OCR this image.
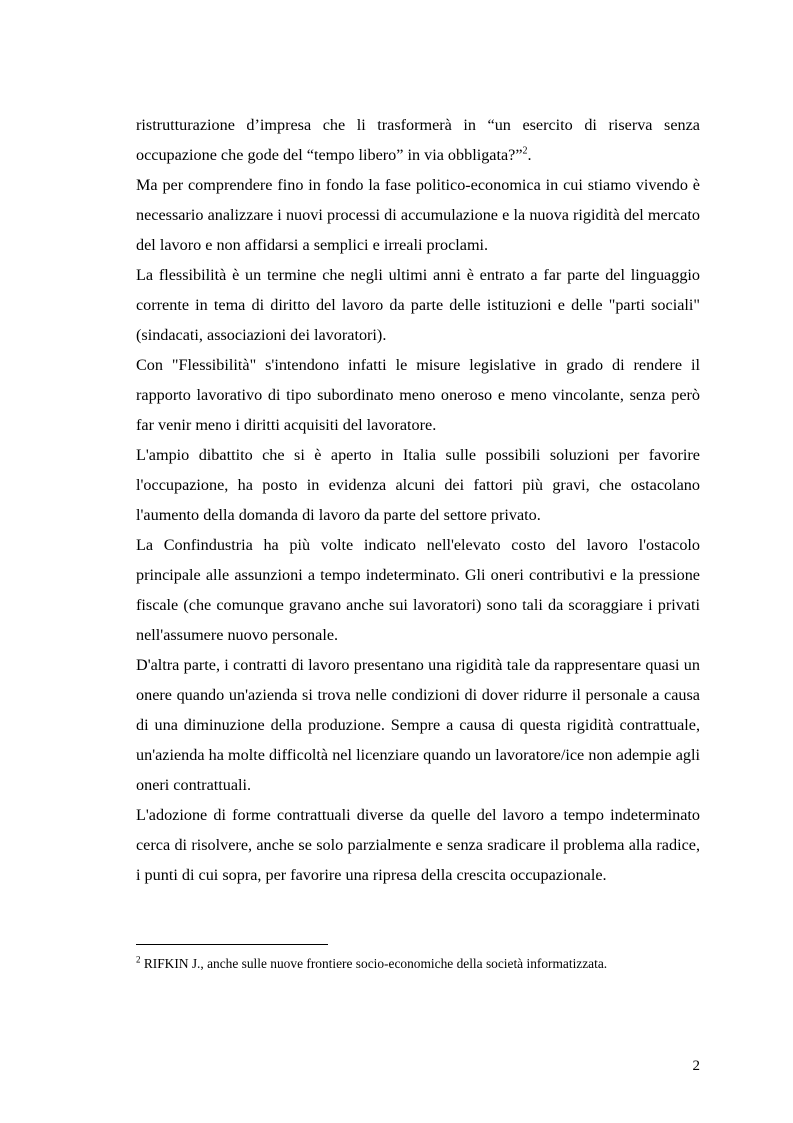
ristrutturazione d’impresa che li trasformerà in “un esercito di riserva senza occupazione che gode del “tempo libero” in via obbligata?”$^2$.

Ma per comprendere fino in fondo la fase politico-economica in cui stiamo vivendo è necessario analizzare i nuovi processi di accumulazione e la nuova rigidità del mercato del lavoro e non affidarsi a semplici e irreali proclami.

La flessibilità è un termine che negli ultimi anni è entrato a far parte del linguaggio corrente in tema di diritto del lavoro da parte delle istituzioni e delle "parti sociali" (sindacati, associazioni dei lavoratori).

Con "Flessibilità" s'intendono infatti le misure legislative in grado di rendere il rapporto lavorativo di tipo subordinato meno oneroso e meno vincolante, senza però far venir meno i diritti acquisiti del lavoratore.

L'ampio dibattito che si è aperto in Italia sulle possibili soluzioni per favorire l'occupazione, ha posto in evidenza alcuni dei fattori più gravi, che ostacolano l'aumento della domanda di lavoro da parte del settore privato.

La Confindustria ha più volte indicato nell'elevato costo del lavoro l'ostacolo principale alle assunzioni a tempo indeterminato. Gli oneri contributivi e la pressione fiscale (che comunque gravano anche sui lavoratori) sono tali da scoraggiare i privati nell'assumere nuovo personale.

D'altra parte, i contratti di lavoro presentano una rigidità tale da rappresentare quasi un onere quando un'azienda si trova nelle condizioni di dover ridurre il personale a causa di una diminuzione della produzione. Sempre a causa di questa rigidità contrattuale, un'azienda ha molte difficoltà nel licenziare quando un lavoratore/ice non adempie agli oneri contrattuali.

L'adozione di forme contrattuali diverse da quelle del lavoro a tempo indeterminato cerca di risolvere, anche se solo parzialmente e senza sradicare il problema alla radice, i punti di cui sopra, per favorire una ripresa della crescita occupazionale.

$^2$ RIFKIN J., anche sulle nuove frontiere socio-economiche della società informatizzata.
2
